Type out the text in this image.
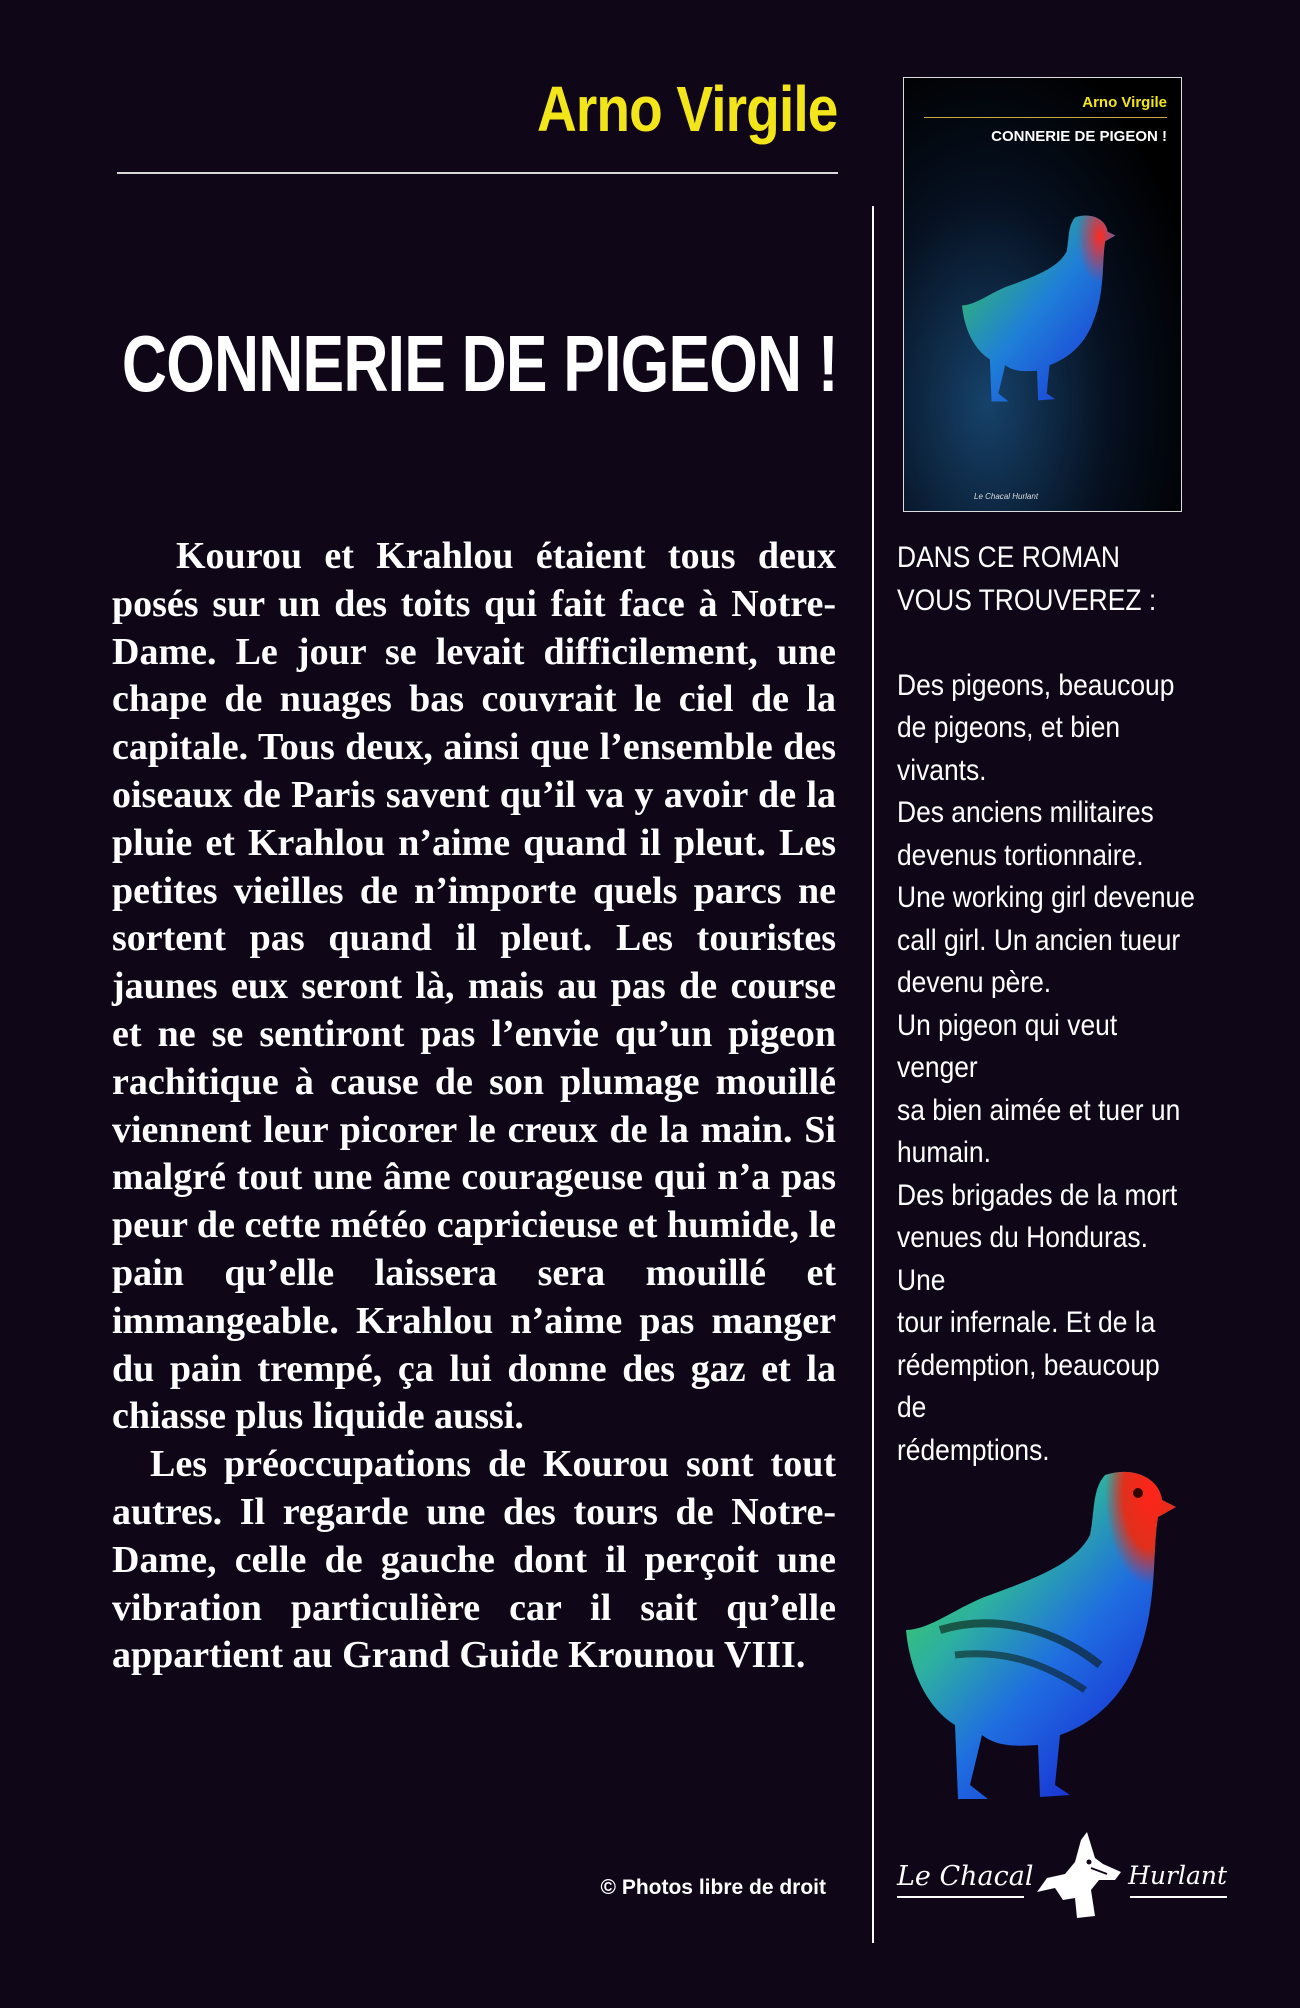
Arno Virgile
CONNERIE DE PIGEON !

Kourou et Krahlou étaient tous deux posés sur un des toits qui fait face à Notre-Dame. Le jour se levait difficilement, une chape de nuages bas couvrait le ciel de la capitale. Tous deux, ainsi que l’ensemble des oiseaux de Paris savent qu’il va y avoir de la pluie et Krahlou n’aime quand il pleut. Les petites vieilles de n’importe quels parcs ne sortent pas quand il pleut. Les touristes jaunes eux seront là, mais au pas de course et ne se sentiront pas l’envie qu’un pigeon rachitique à cause de son plumage mouillé viennent leur picorer le creux de la main. Si malgré tout une âme courageuse qui n’a pas peur de cette météo capricieuse et humide, le pain qu’elle laissera sera mouillé et immangeable. Krahlou n’aime pas manger du pain trempé, ça lui donne des gaz et la chiasse plus liquide aussi.

Les préoccupations de Kourou sont tout autres. Il regarde une des tours de Notre-Dame, celle de gauche dont il perçoit une vibration particulière car il sait qu’elle appartient au Grand Guide Krounou VIII.

© Photos libre de droit
Arno Virgile
CONNERIE DE PIGEON !
Le Chacal Hurlant
DANS CE ROMAN
VOUS TROUVEREZ :
Des pigeons, beaucoup
de pigeons, et bien
vivants.
Des anciens militaires
devenus tortionnaire.
Une working girl devenue
call girl. Un ancien tueur
devenu père.
Un pigeon qui veut venger
sa bien aimée et tuer un
humain.
Des brigades de la mort
venues du Honduras. Une
tour infernale. Et de la
rédemption, beaucoup de
rédemptions.
Le Chacal	Hurlant
